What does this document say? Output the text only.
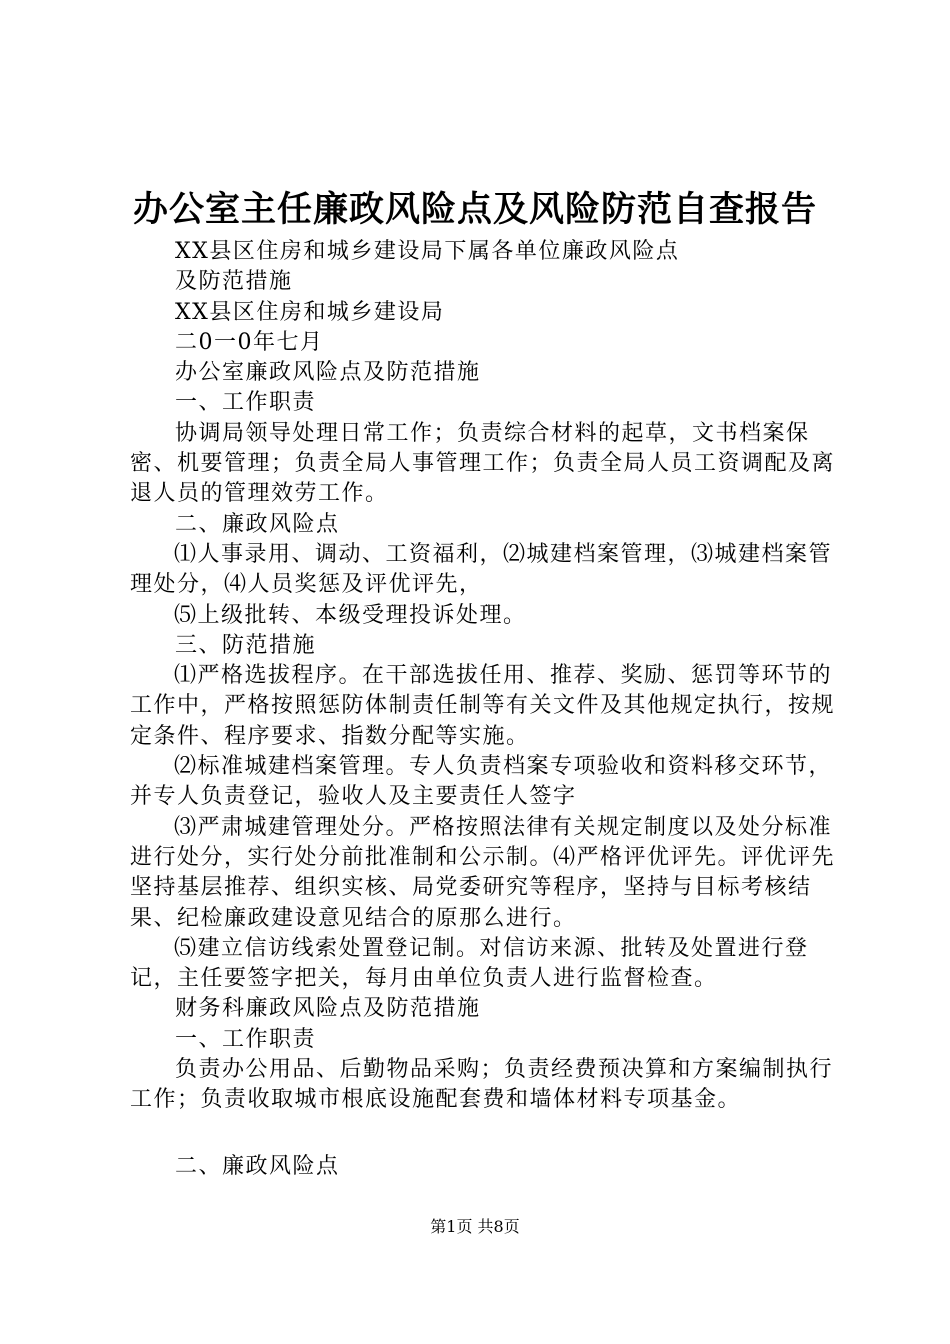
办公室主任廉政风险点及风险防范自查报告

XX县区住房和城乡建设局下属各单位廉政风险点

及防范措施

XX县区住房和城乡建设局

二0一0年七月

办公室廉政风险点及防范措施

一、工作职责

协调局领导处理日常工作；负责综合材料的起草，文书档案保密、机要管理；负责全局人事管理工作；负责全局人员工资调配及离退人员的管理效劳工作。

二、廉政风险点

⑴人事录用、调动、工资福利，⑵城建档案管理，⑶城建档案管理处分，⑷人员奖惩及评优评先，

⑸上级批转、本级受理投诉处理。

三、防范措施

⑴严格选拔程序。在干部选拔任用、推荐、奖励、惩罚等环节的工作中，严格按照惩防体制责任制等有关文件及其他规定执行，按规定条件、程序要求、指数分配等实施。

⑵标准城建档案管理。专人负责档案专项验收和资料移交环节，并专人负责登记，验收人及主要责任人签字

⑶严肃城建管理处分。严格按照法律有关规定制度以及处分标准进行处分，实行处分前批准制和公示制。⑷严格评优评先。评优评先坚持基层推荐、组织实核、局党委研究等程序，坚持与目标考核结果、纪检廉政建设意见结合的原那么进行。

⑸建立信访线索处置登记制。对信访来源、批转及处置进行登记，主任要签字把关，每月由单位负责人进行监督检查。

财务科廉政风险点及防范措施

一、工作职责

负责办公用品、后勤物品采购；负责经费预决算和方案编制执行工作；负责收取城市根底设施配套费和墙体材料专项基金。

二、廉政风险点

第1页 共8页
